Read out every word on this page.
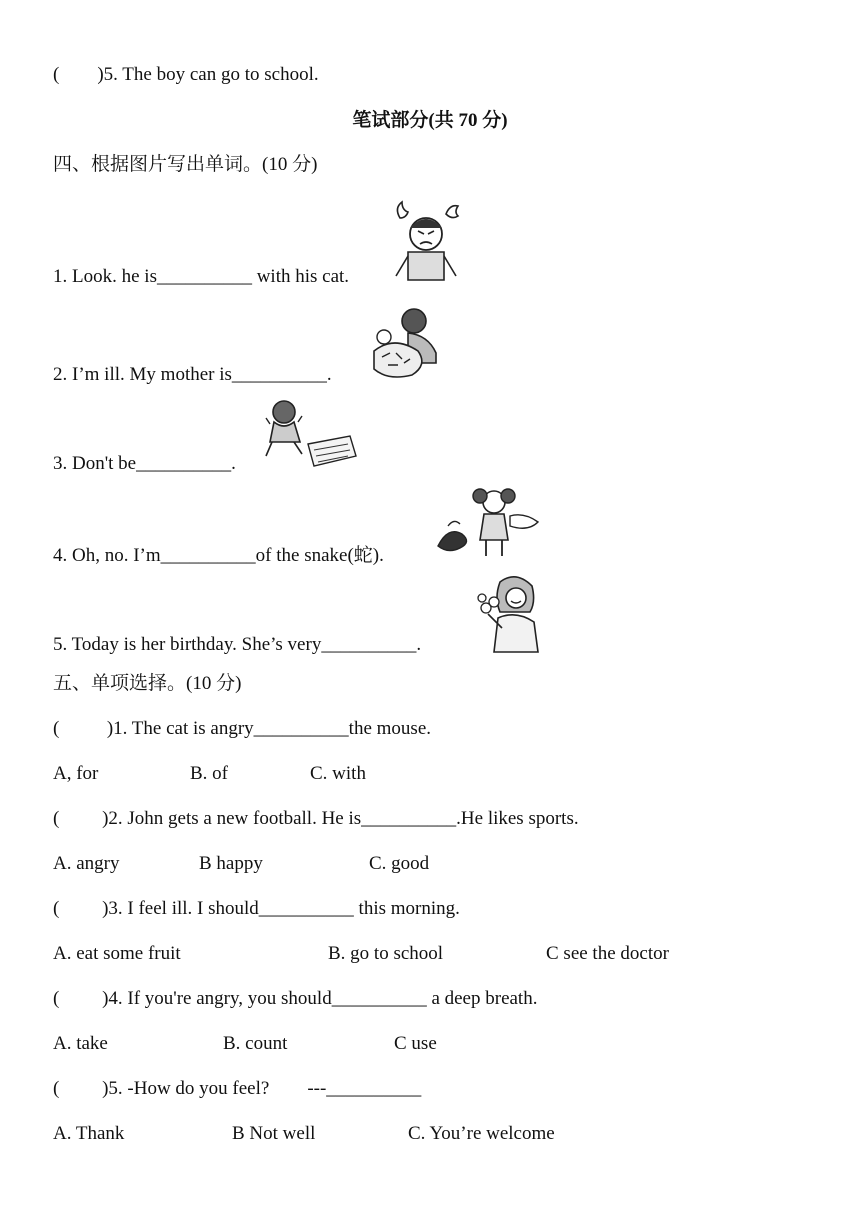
(        )5. The boy can go to school.
笔试部分(共 70 分)
四、根据图片写出单词。(10 分)
1. Look. he is__________ with his cat.
2. I’m ill. My mother is__________.
3. Don't be__________.
4. Oh, no. I’m__________of the snake(蛇).
5. Today is her birthday. She’s very__________.
五、单项选择。(10 分)
(          )1. The cat is angry__________the mouse.
A, for	B. of	C. with
(         )2. John gets a new football. He is__________.He likes sports.
A. angry	B happy	C. good
(         )3. I feel ill. I should__________ this morning.
A. eat some fruit	B. go to school	C see the doctor
(         )4. If you're angry, you should__________ a deep breath.
A. take	B. count	C use
(         )5. -How do you feel?        ---__________
A. Thank	B Not well	C. You’re welcome
